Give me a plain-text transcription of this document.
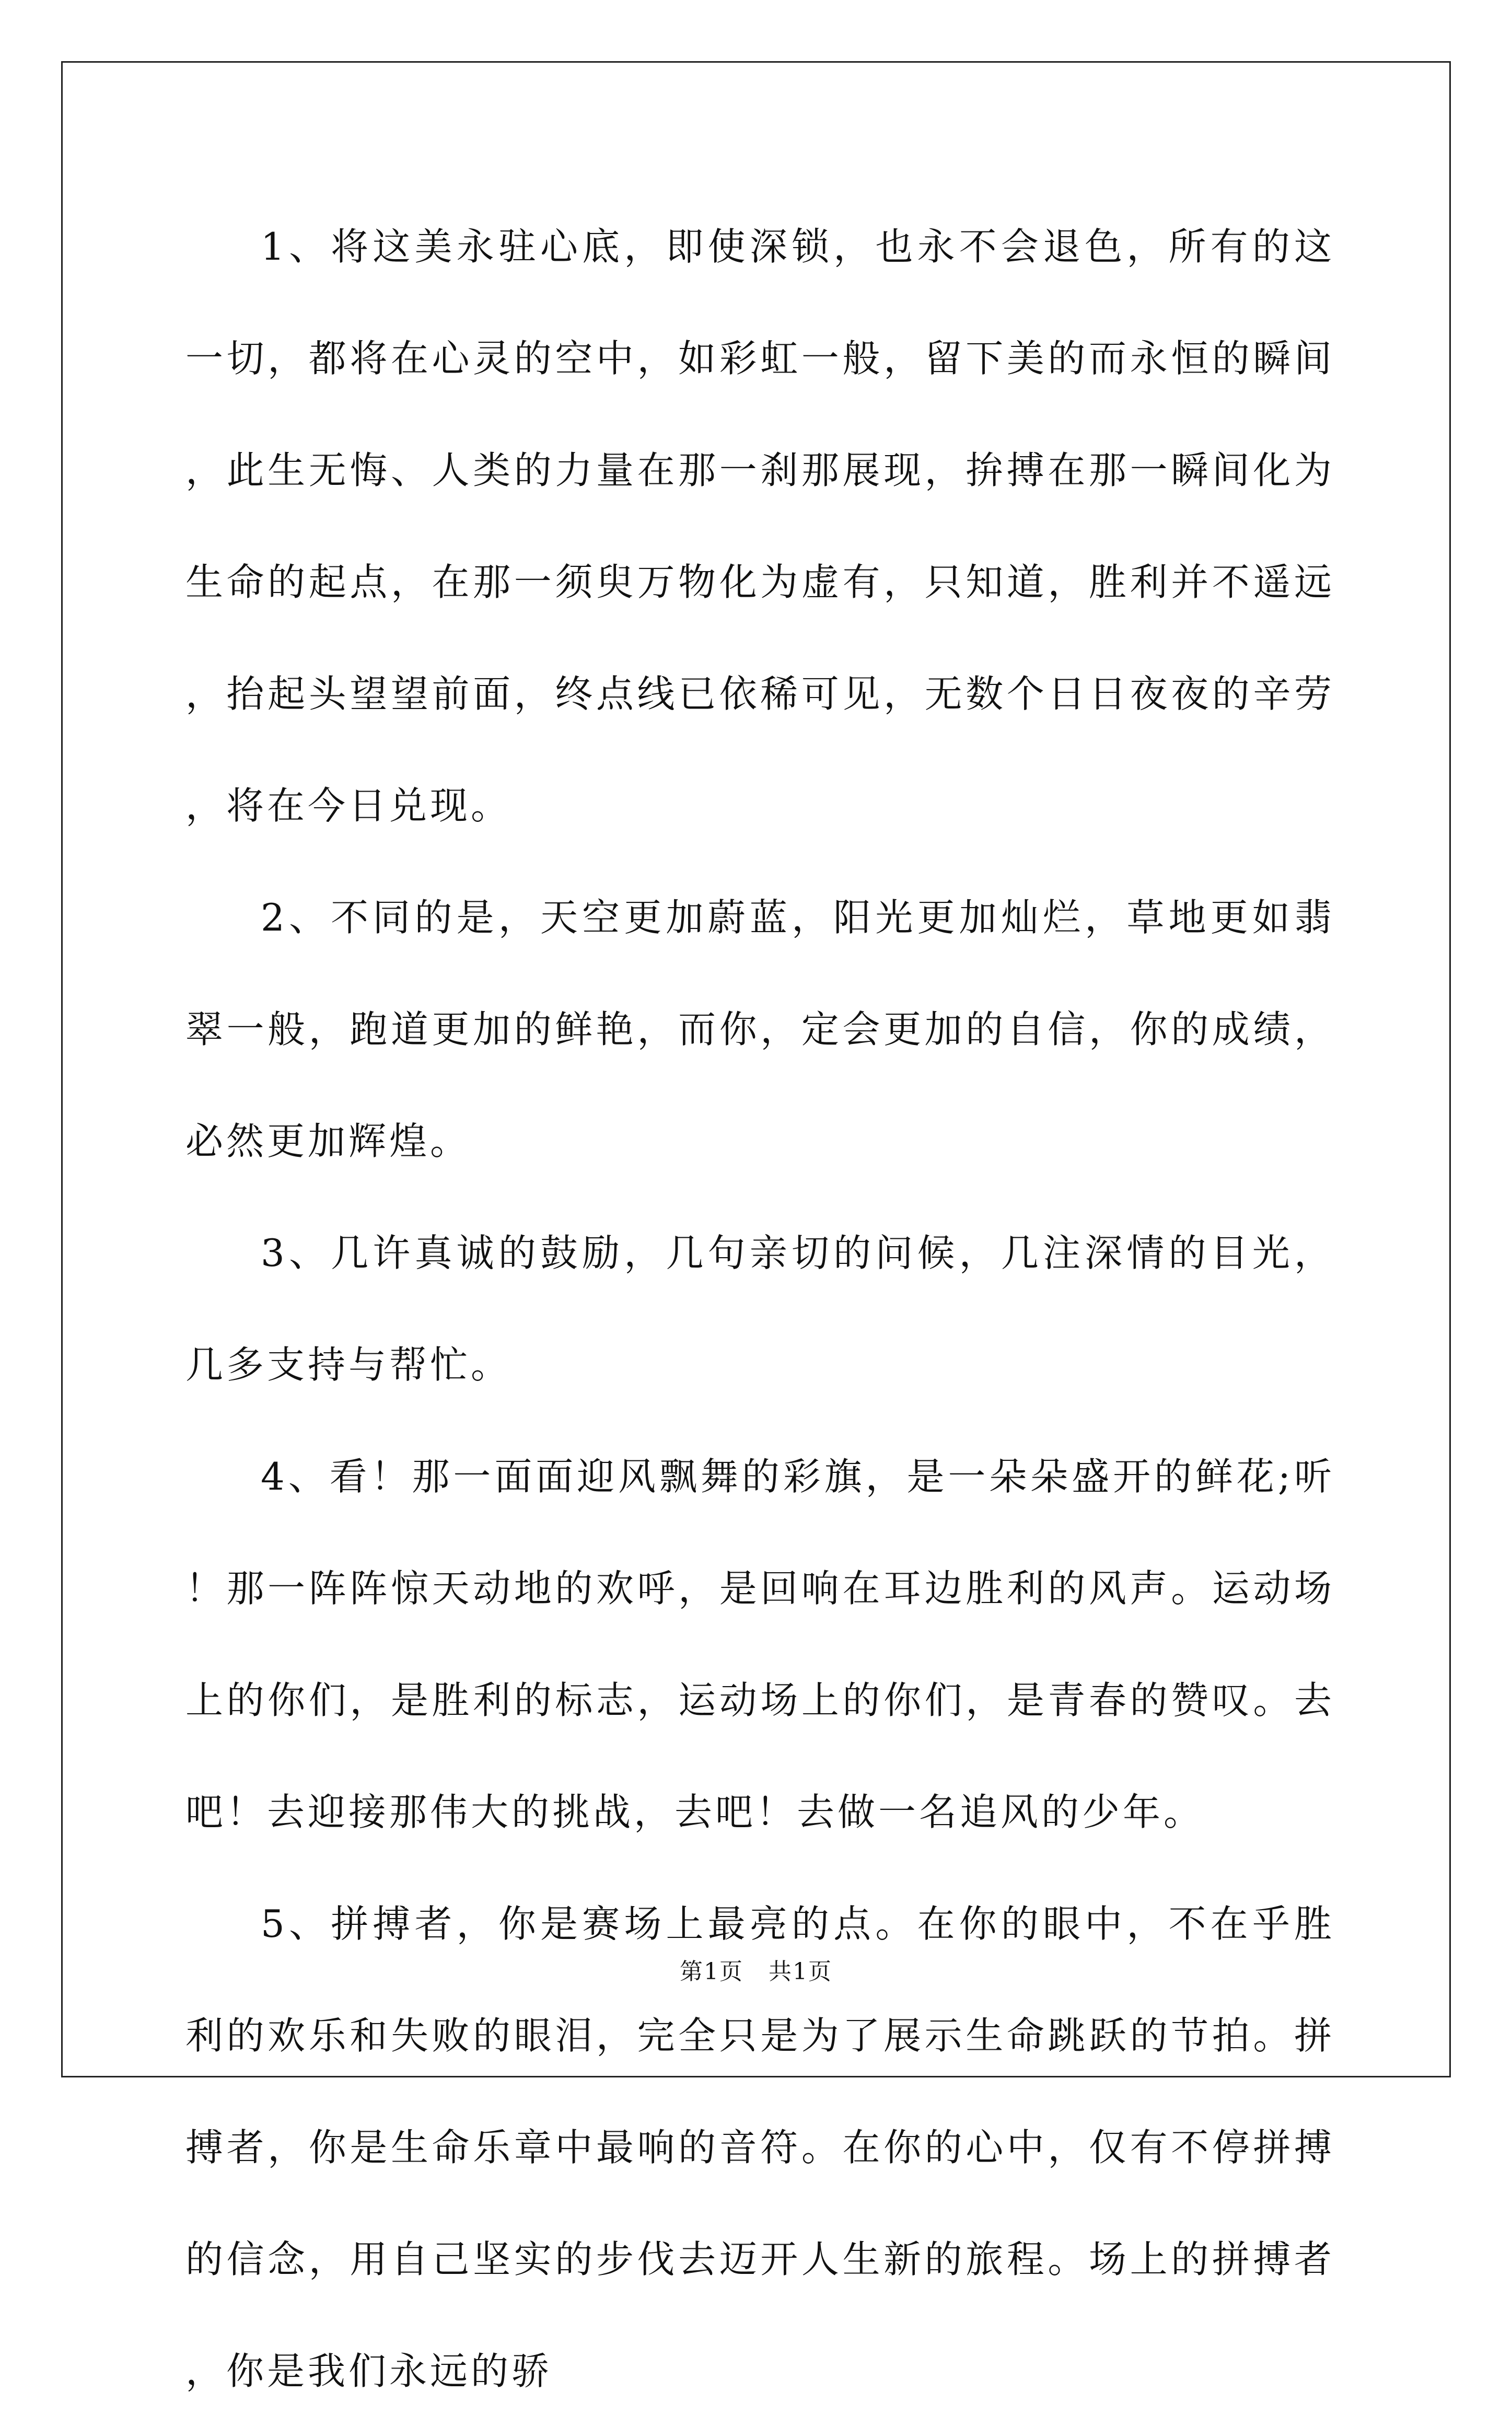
1、将这美永驻心底，即使深锁，也永不会退色，所有的这一切，都将在心灵的空中，如彩虹一般，留下美的而永恒的瞬间，此生无悔、人类的力量在那一刹那展现，拚搏在那一瞬间化为生命的起点，在那一须臾万物化为虚有，只知道，胜利并不遥远，抬起头望望前面，终点线已依稀可见，无数个日日夜夜的辛劳，将在今日兑现。

2、不同的是，天空更加蔚蓝，阳光更加灿烂，草地更如翡翠一般，跑道更加的鲜艳，而你，定会更加的自信，你的成绩，必然更加辉煌。

3、几许真诚的鼓励，几句亲切的问候，几注深情的目光，几多支持与帮忙。

4、看！那一面面迎风飘舞的彩旗，是一朵朵盛开的鲜花;听！那一阵阵惊天动地的欢呼，是回响在耳边胜利的风声。运动场上的你们，是胜利的标志，运动场上的你们，是青春的赞叹。去吧！去迎接那伟大的挑战，去吧！去做一名追风的少年。

5、拼搏者，你是赛场上最亮的点。在你的眼中，不在乎胜利的欢乐和失败的眼泪，完全只是为了展示生命跳跃的节拍。拼搏者，你是生命乐章中最响的音符。在你的心中，仅有不停拼搏的信念，用自己坚实的步伐去迈开人生新的旅程。场上的拼搏者，你是我们永远的骄

第1页 共1页
